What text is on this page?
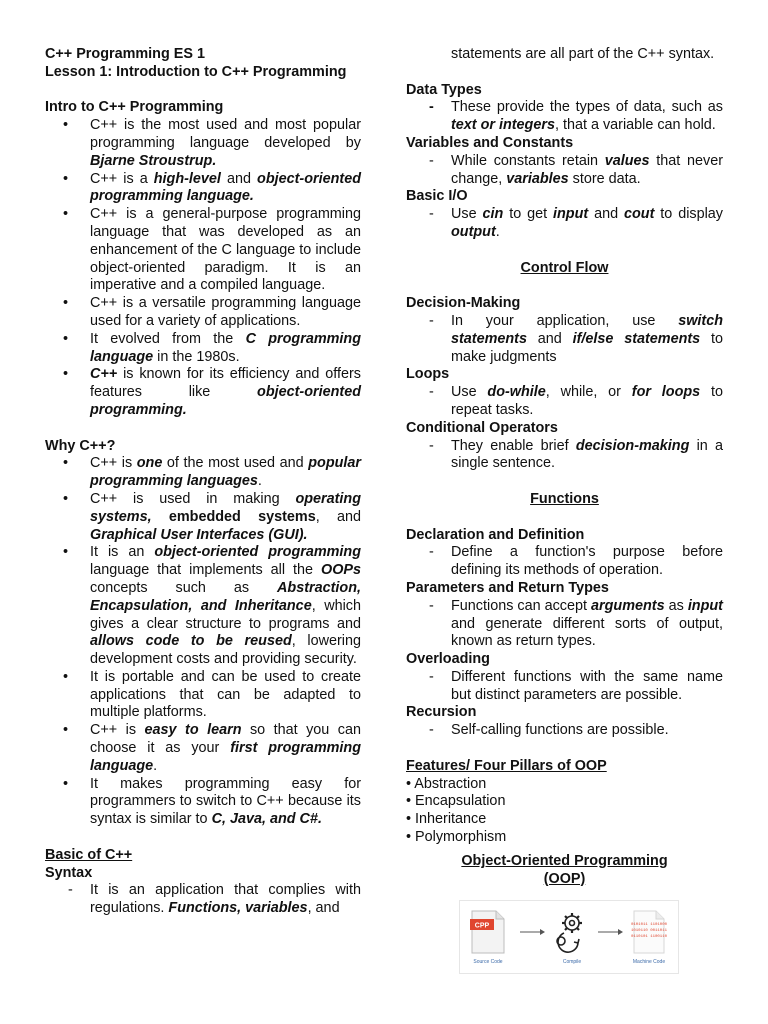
C++ Programming ES 1
Lesson 1: Introduction to C++ Programming
Intro to C++ Programming
• C++ is the most used and most popular programming language developed by Bjarne Stroustrup.
• C++ is a high-level and object-oriented programming language.
• C++ is a general-purpose programming language that was developed as an enhancement of the C language to include object-oriented paradigm. It is an imperative and a compiled language.
• C++ is a versatile programming language used for a variety of applications.
• It evolved from the C programming language in the 1980s.
• C++ is known for its efficiency and offers features like object-oriented programming.
Why C++?
• C++ is one of the most used and popular programming languages.
• C++ is used in making operating systems, embedded systems, and Graphical User Interfaces (GUI).
• It is an object-oriented programming language that implements all the OOPs concepts such as Abstraction, Encapsulation, and Inheritance, which gives a clear structure to programs and allows code to be reused, lowering development costs and providing security.
• It is portable and can be used to create applications that can be adapted to multiple platforms.
• C++ is easy to learn so that you can choose it as your first programming language.
• It makes programming easy for programmers to switch to C++ because its syntax is similar to C, Java, and C#.
Basic of C++
Syntax
- It is an application that complies with regulations. Functions, variables, and
statements are all part of the C++ syntax.
Data Types
- These provide the types of data, such as text or integers, that a variable can hold.
Variables and Constants
- While constants retain values that never change, variables store data.
Basic I/O
- Use cin to get input and cout to display output.
Control Flow
Decision-Making
- In your application, use switch statements and if/else statements to make judgments
Loops
- Use do-while, while, or for loops to repeat tasks.
Conditional Operators
- They enable brief decision-making in a single sentence.
Functions
Declaration and Definition
- Define a function's purpose before defining its methods of operation.
Parameters and Return Types
- Functions can accept arguments as input and generate different sorts of output, known as return types.
Overloading
- Different functions with the same name but distinct parameters are possible.
Recursion
- Self-calling functions are possible.
Features/ Four Pillars of OOP
• Abstraction
• Encapsulation
• Inheritance
• Polymorphism
Object-Oriented Programming (OOP)
CPP	0101011 1101000 1010110 0011011 0110101 1100110
Source Code	Compile	Machine Code
